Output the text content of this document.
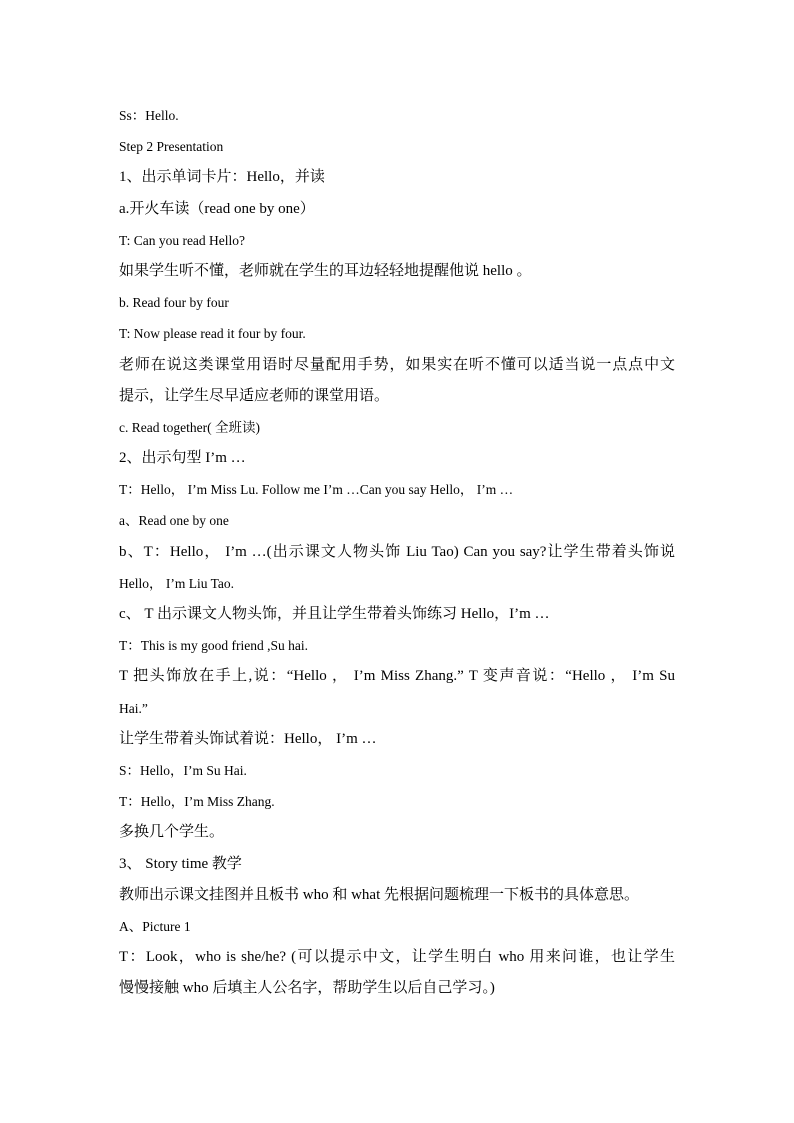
Ss：Hello.
Step 2 Presentation
1、出示单词卡片：Hello，并读
a.开火车读（read one by one）
T: Can you read Hello?
如果学生听不懂，老师就在学生的耳边轻轻地提醒他说 hello 。
b. Read four by four
T: Now please read it four by four.
老师在说这类课堂用语时尽量配用手势，如果实在听不懂可以适当说一点点中文
提示，让学生尽早适应老师的课堂用语。
c. Read together( 全班读)
2、出示句型 I’m …
T：Hello， I’m Miss Lu. Follow me I’m …Can you say Hello， I’m …
a、Read one by one
b、T：Hello， I’m …(出示课文人物头饰 Liu Tao) Can you say?让学生带着头饰说
Hello， I’m Liu Tao.
c、 T 出示课文人物头饰，并且让学生带着头饰练习 Hello，I’m …
T：This is my good friend ,Su hai.
T 把头饰放在手上,说：“Hello ， I’m Miss Zhang.” T 变声音说：“Hello ， I’m Su
Hai.”
让学生带着头饰试着说：Hello， I’m …
S：Hello，I’m Su Hai.
T：Hello，I’m Miss Zhang.
多换几个学生。
3、 Story time 教学
教师出示课文挂图并且板书 who 和 what 先根据问题梳理一下板书的具体意思。
A、Picture 1
T：Look，who is she/he? (可以提示中文，让学生明白 who 用来问谁，也让学生
慢慢接触 who 后填主人公名字，帮助学生以后自己学习。)
